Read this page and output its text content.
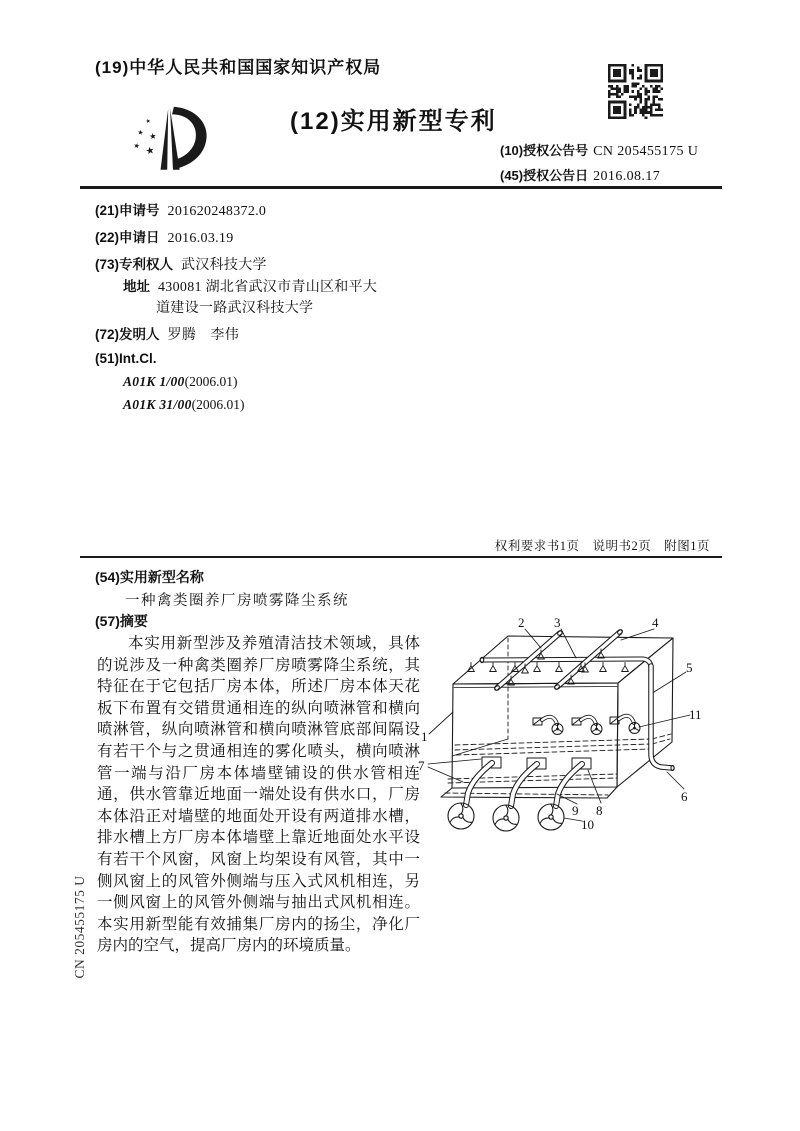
(19)中华人民共和国国家知识产权局
(12)实用新型专利
(10)授权公告号 CN 205455175 U
(45)授权公告日 2016.08.17
(21)申请号 201620248372.0
(22)申请日 2016.03.19
(73)专利权人 武汉科技大学
地址 430081 湖北省武汉市青山区和平大
道建设一路武汉科技大学
(72)发明人 罗腾　李伟
(51)Int.Cl.
A01K 1/00(2006.01)
A01K 31/00(2006.01)
权利要求书1页　说明书2页　附图1页
(54)实用新型名称
一种禽类圈养厂房喷雾降尘系统
(57)摘要

本实用新型涉及养殖清洁技术领域，具体的说涉及一种禽类圈养厂房喷雾降尘系统，其特征在于它包括厂房本体，所述厂房本体天花板下布置有交错贯通相连的纵向喷淋管和横向喷淋管，纵向喷淋管和横向喷淋管底部间隔设有若干个与之贯通相连的雾化喷头，横向喷淋管一端与沿厂房本体墙壁铺设的供水管相连通，供水管靠近地面一端处设有供水口，厂房本体沿正对墙壁的地面处开设有两道排水槽，排水槽上方厂房本体墙壁上靠近地面处水平设有若干个风窗，风窗上均架设有风管，其中一侧风窗上的风管外侧端与压入式风机相连，另一侧风窗上的风管外侧端与抽出式风机相连。本实用新型能有效捕集厂房内的扬尘，净化厂房内的空气，提高厂房内的环境质量。

1
2 3	4
5
6
7
8
9
10
11
CN 205455175 U
